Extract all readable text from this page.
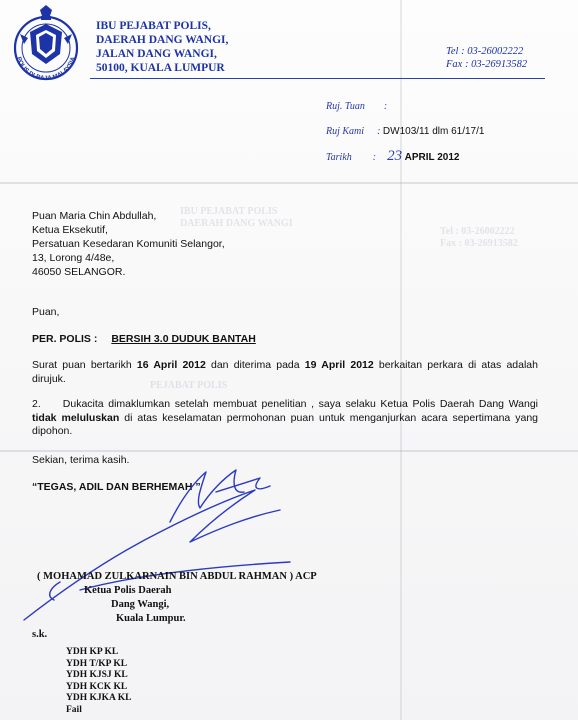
IBU PEJABAT POLIS
DAERAH DANG WANGI
Tel : 03-26002222
Fax : 03-26913582
PEJABAT POLIS
POLIS DI-RAJA MALAYSIA
IBU PEJABAT POLIS,
DAERAH DANG WANGI,
JALAN DANG WANGI,
50100, KUALA LUMPUR
Tel : 03-26002222
Fax : 03-26913582
Ruj. Tuan :
Ruj Kami : DW103/11 dlm 61/17/1
Tarikh : 23 APRIL 2012
Puan Maria Chin Abdullah,
Ketua Eksekutif,
Persatuan Kesedaran Komuniti Selangor,
13, Lorong 4/48e,
46050 SELANGOR.
Puan,
PER. POLIS : BERSIH 3.0 DUDUK BANTAH
Surat puan bertarikh 16 April 2012 dan diterima pada 19 April 2012 berkaitan perkara di atas adalah dirujuk.
2. Dukacita dimaklumkan setelah membuat penelitian , saya selaku Ketua Polis Daerah Dang Wangi tidak meluluskan di atas keselamatan permohonan puan untuk menganjurkan acara sepertimana yang dipohon.
Sekian, terima kasih.
“TEGAS, ADIL DAN BERHEMAH ”
( MOHAMAD ZULKARNAIN BIN ABDUL RAHMAN ) ACP
Ketua Polis Daerah
Dang Wangi,
Kuala Lumpur.
s.k.
YDH KP KL
YDH T/KP KL
YDH KJSJ KL
YDH KCK KL
YDH KJKA KL
Fail
